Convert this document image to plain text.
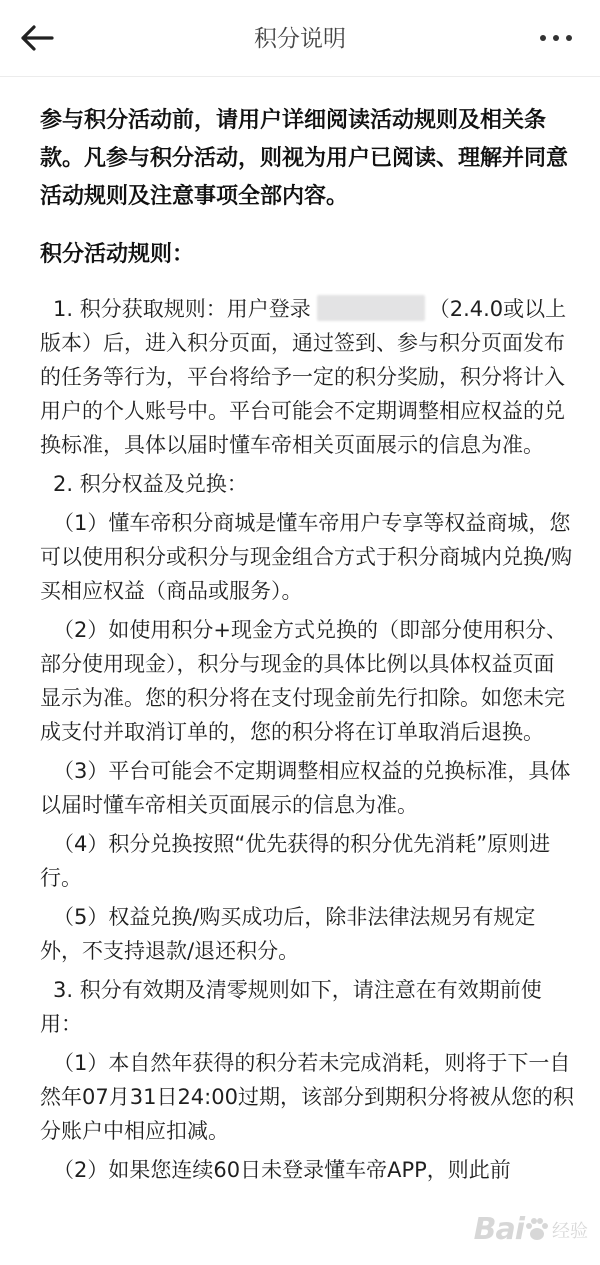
积分说明

参与积分活动前，请用户详细阅读活动规则及相关条款。凡参与积分活动，则视为用户已阅读、理解并同意活动规则及注意事项全部内容。

积分活动规则：

1. 积分获取规则：用户登录	（2.4.0或以上版本）后，进入积分页面，通过签到、参与积分页面发布的任务等行为，平台将给予一定的积分奖励，积分将计入用户的个人账号中。平台可能会不定期调整相应权益的兑换标准，具体以届时懂车帝相关页面展示的信息为准。

2. 积分权益及兑换：

（1）懂车帝积分商城是懂车帝用户专享等权益商城，您可以使用积分或积分与现金组合方式于积分商城内兑换/购买相应权益（商品或服务）。

（2）如使用积分+现金方式兑换的（即部分使用积分、部分使用现金），积分与现金的具体比例以具体权益页面显示为准。您的积分将在支付现金前先行扣除。如您未完成支付并取消订单的，您的积分将在订单取消后退换。

（3）平台可能会不定期调整相应权益的兑换标准，具体以届时懂车帝相关页面展示的信息为准。

（4）积分兑换按照“优先获得的积分优先消耗”原则进行。

（5）权益兑换/购买成功后，除非法律法规另有规定外，不支持退款/退还积分。

3. 积分有效期及清零规则如下，请注意在有效期前使用：

（1）本自然年获得的积分若未完成消耗，则将于下一自然年07月31日24:00过期，该部分到期积分将被从您的积分账户中相应扣减。

（2）如果您连续60日未登录懂车帝APP，则此前

Bai 经验
